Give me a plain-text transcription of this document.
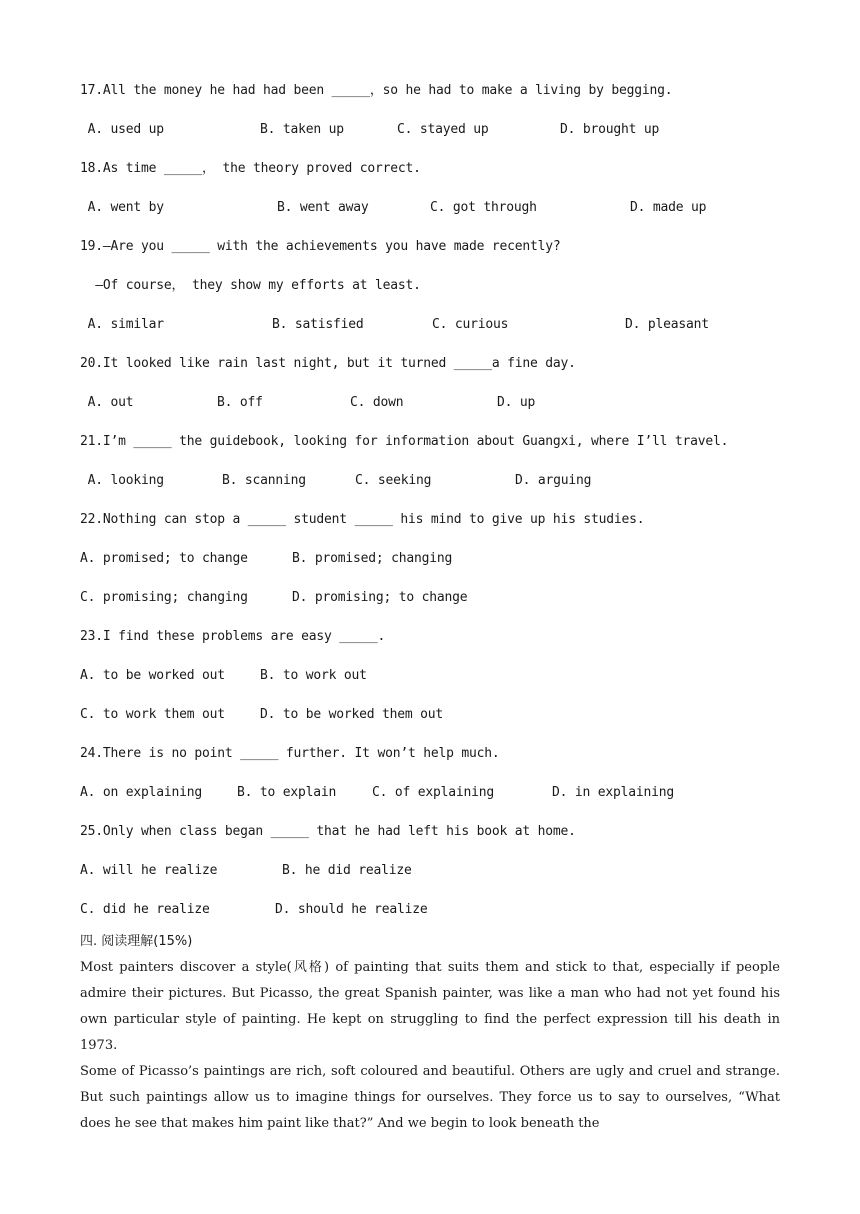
17.All the money he had had been _____，so he had to make a living by begging.
A. used up	B. taken up	C. stayed up	D. brought up
18.As time _____， the theory proved correct.
A. went by	B. went away	C. got through	D. made up
19.—Are you _____ with the achievements you have made recently?
—Of course， they show my efforts at least.
A. similar	B. satisfied	C. curious	D. pleasant
20.It looked like rain last night, but it turned _____a fine day.
A. out	B. off	C. down	D. up
21.I’m _____ the guidebook, looking for information about Guangxi, where I’ll travel.
A. looking	B. scanning	C. seeking	D. arguing
22.Nothing can stop a _____ student _____ his mind to give up his studies.
A. promised; to change	B. promised; changing
C. promising; changing	D. promising; to change
23.I find these problems are easy _____.
A. to be worked out	B. to work out
C. to work them out	D. to be worked them out
24.There is no point _____ further. It won’t help much.
A. on explaining	B. to explain	C. of explaining	D. in explaining
25.Only when class began _____ that he had left his book at home.
A. will he realize	B. he did realize
C. did he realize	D. should he realize
四. 阅读理解(15%)

Most painters discover a style(风格) of painting that suits them and stick to that, especially if people admire their pictures. But Picasso, the great Spanish painter, was like a man who had not yet found his own particular style of painting. He kept on struggling to find the perfect expression till his death in 1973.

Some of Picasso’s paintings are rich, soft coloured and beautiful. Others are ugly and cruel and strange. But such paintings allow us to imagine things for ourselves. They force us to say to ourselves, “What does he see that makes him paint like that?” And we begin to look beneath the
